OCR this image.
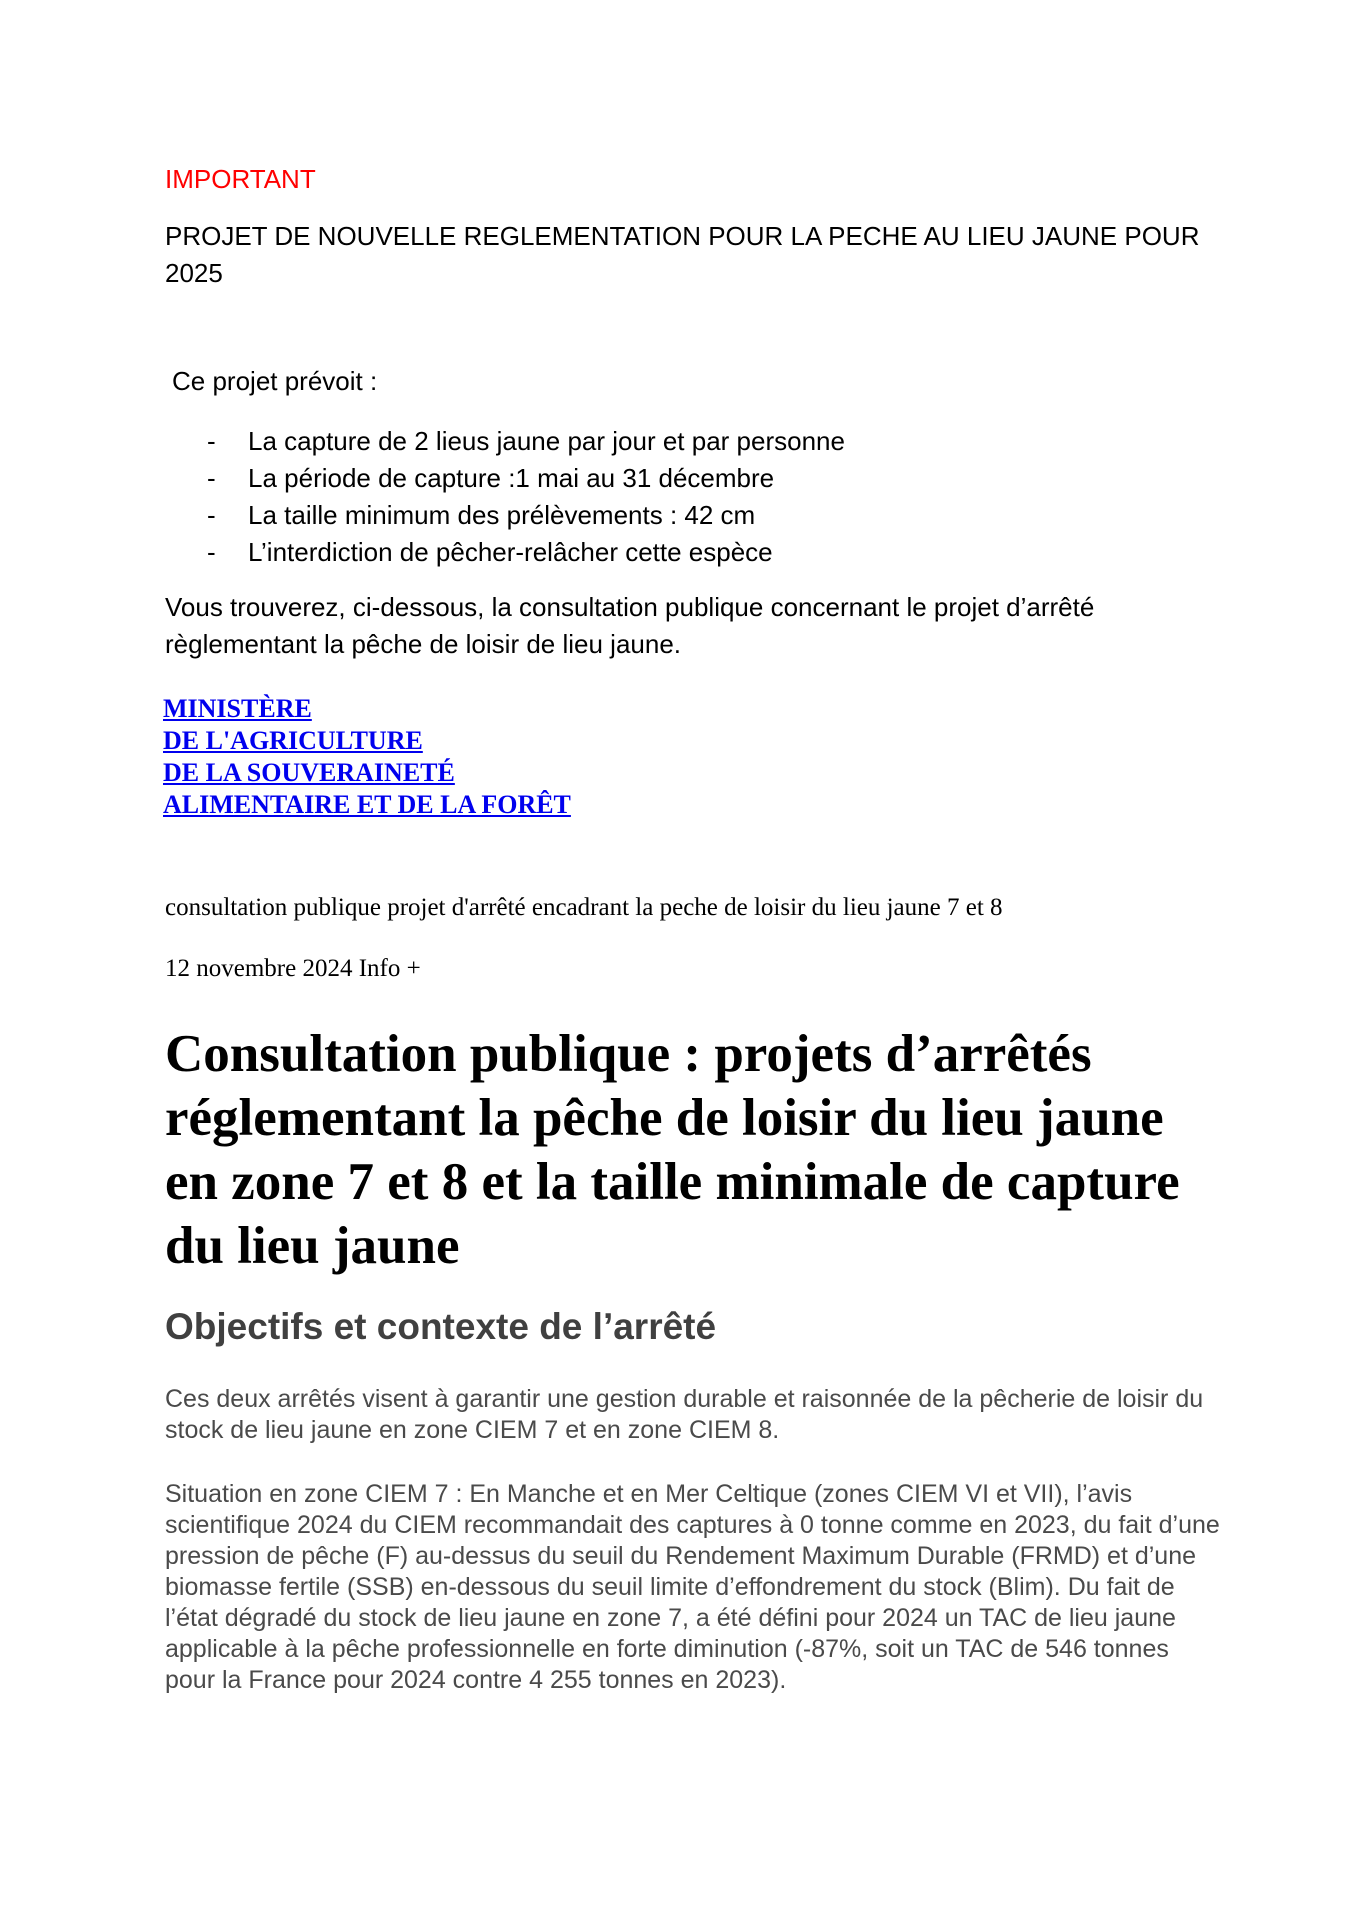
IMPORTANT

PROJET DE NOUVELLE REGLEMENTATION POUR LA PECHE AU LIEU JAUNE POUR 2025

Ce projet prévoit :

- La capture de 2 lieus jaune par jour et par personne
- La période de capture :1 mai au 31 décembre
- La taille minimum des prélèvements : 42 cm
- L’interdiction de pêcher-relâcher cette espèce

Vous trouverez, ci-dessous, la consultation publique concernant le projet d’arrêté règlementant la pêche de loisir de lieu jaune.

MINISTÈRE
DE L'AGRICULTURE
DE LA SOUVERAINETÉ
ALIMENTAIRE ET DE LA FORÊT

consultation publique projet d'arrêté encadrant la peche de loisir du lieu jaune 7 et 8

12 novembre 2024 Info +

Consultation publique : projets d’arrêtés réglementant la pêche de loisir du lieu jaune en zone 7 et 8 et la taille minimale de capture du lieu jaune
Objectifs et contexte de l’arrêté

Ces deux arrêtés visent à garantir une gestion durable et raisonnée de la pêcherie de loisir du stock de lieu jaune en zone CIEM 7 et en zone CIEM 8.

Situation en zone CIEM 7 : En Manche et en Mer Celtique (zones CIEM VI et VII), l’avis scientifique 2024 du CIEM recommandait des captures à 0 tonne comme en 2023, du fait d’une pression de pêche (F) au-dessus du seuil du Rendement Maximum Durable (FRMD) et d’une biomasse fertile (SSB) en-dessous du seuil limite d’effondrement du stock (Blim). Du fait de l’état dégradé du stock de lieu jaune en zone 7, a été défini pour 2024 un TAC de lieu jaune applicable à la pêche professionnelle en forte diminution (-87%, soit un TAC de 546 tonnes pour la France pour 2024 contre 4 255 tonnes en 2023).
